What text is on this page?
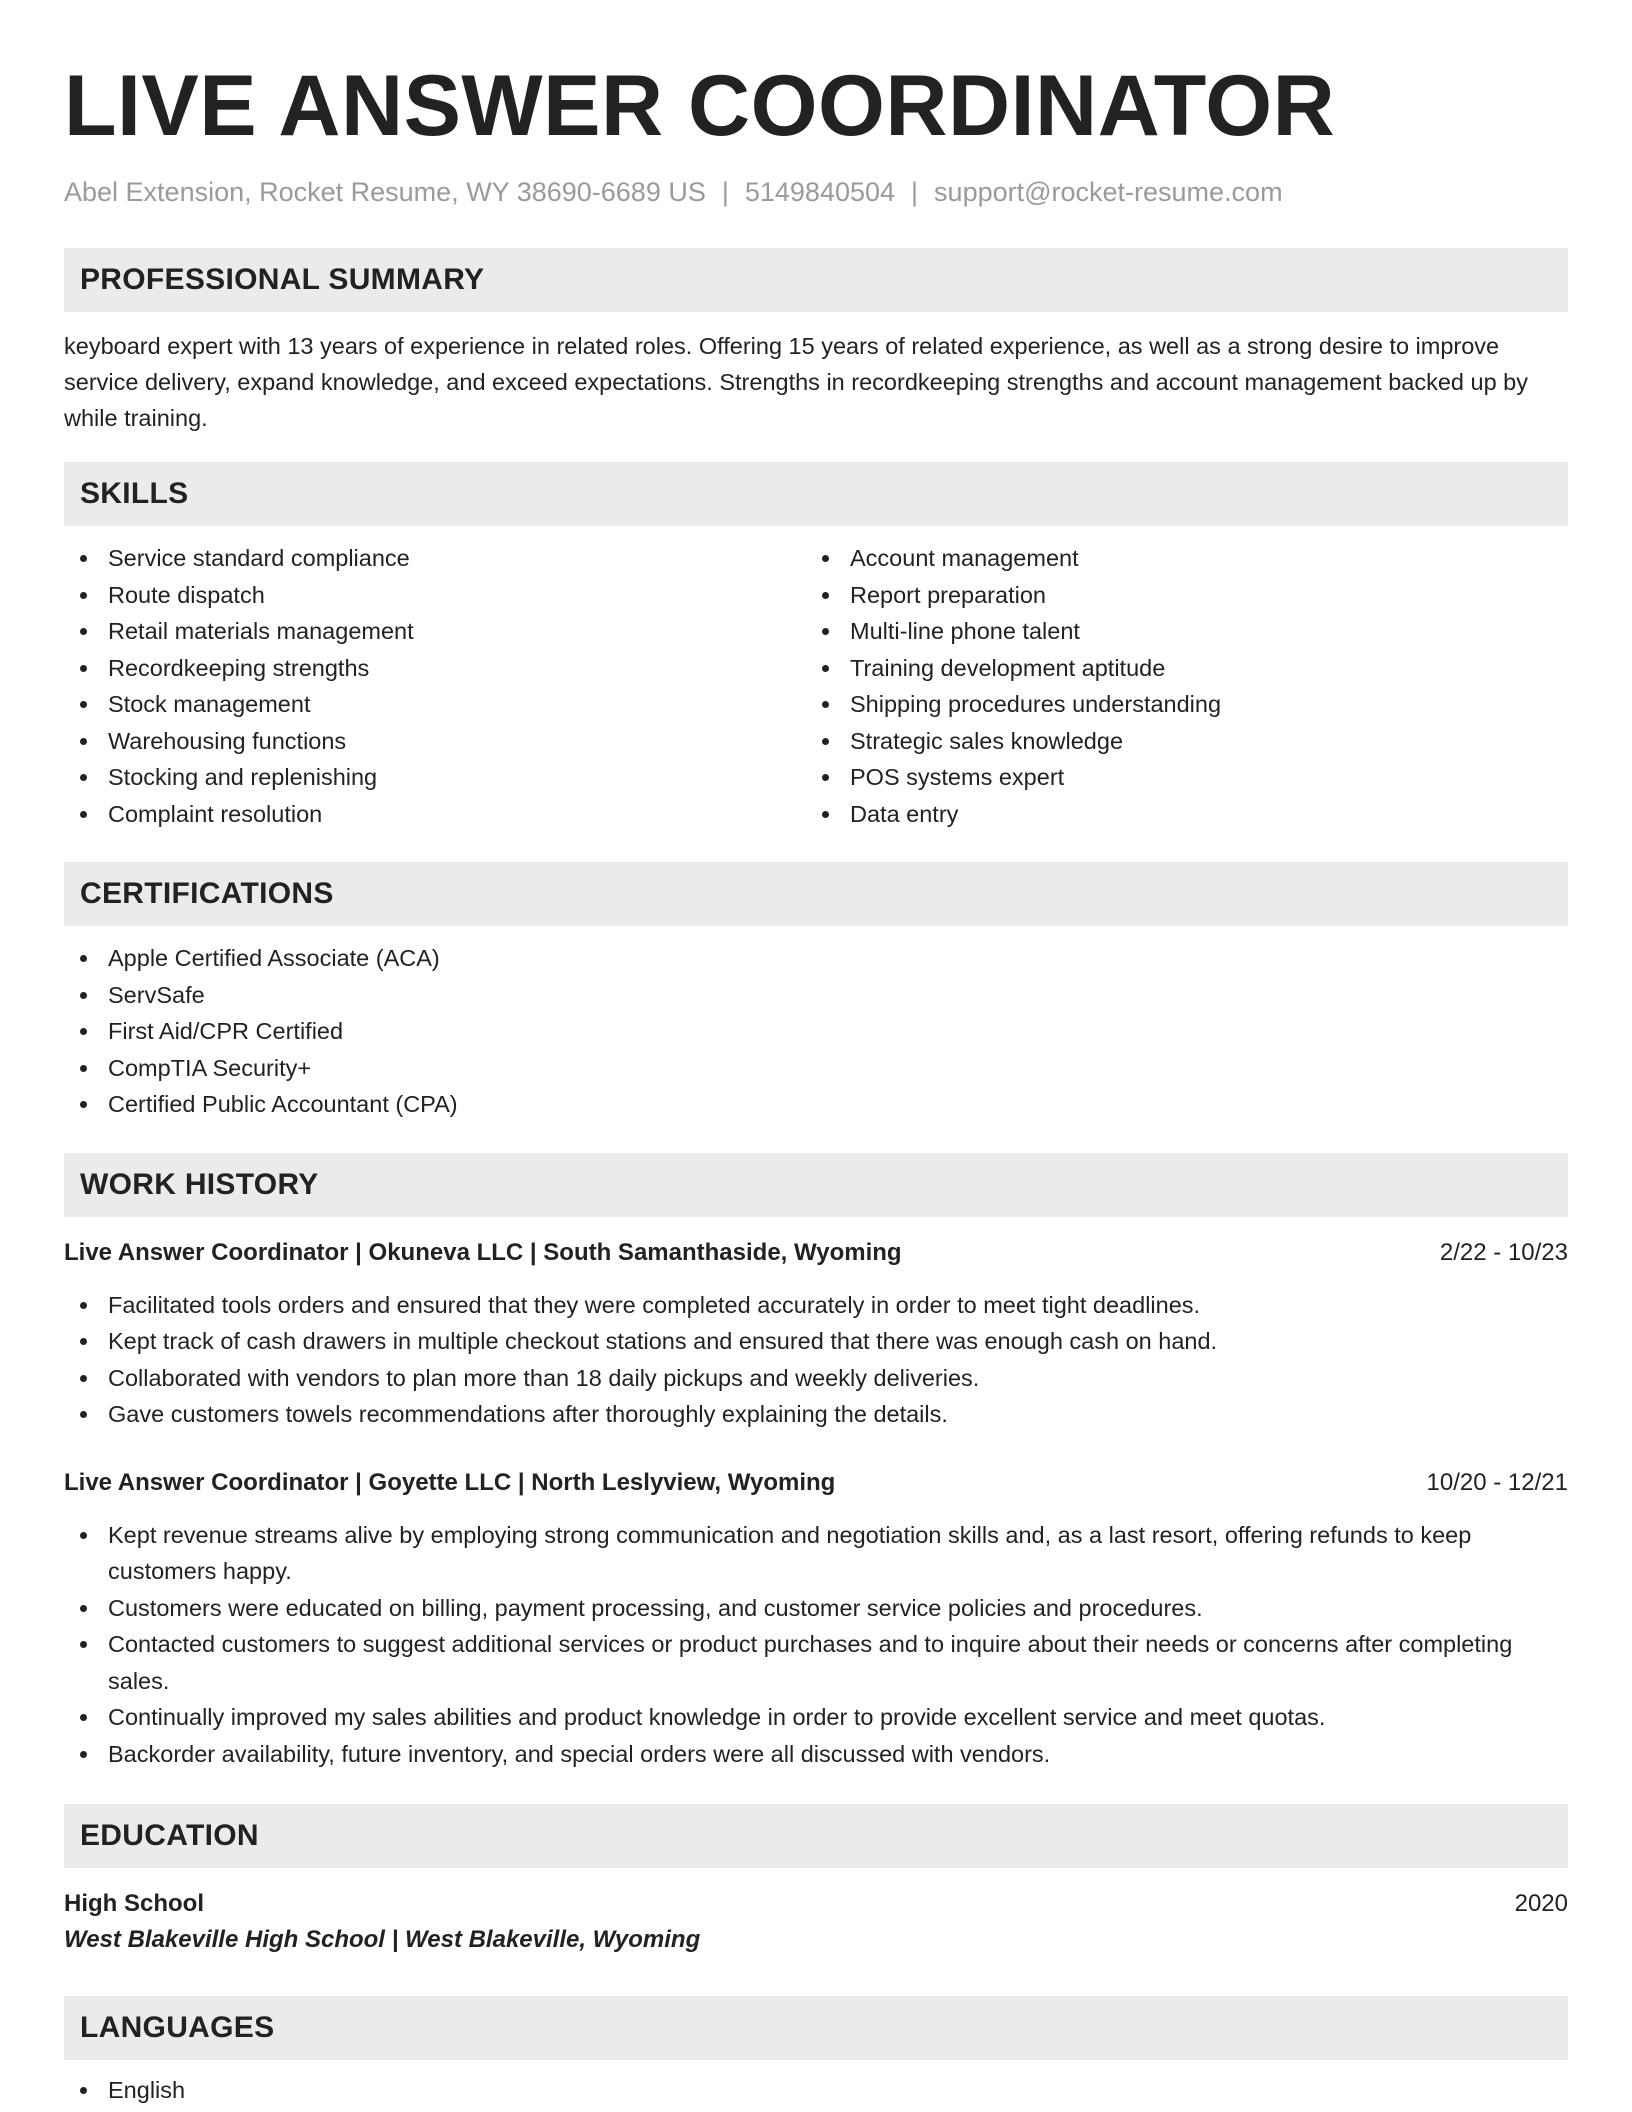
LIVE ANSWER COORDINATOR
Abel Extension, Rocket Resume, WY 38690-6689 US | 5149840504 | support@rocket-resume.com
PROFESSIONAL SUMMARY

keyboard expert with 13 years of experience in related roles. Offering 15 years of related experience, as well as a strong desire to improve service delivery, expand knowledge, and exceed expectations. Strengths in recordkeeping strengths and account management backed up by while training.

SKILLS
Service standard compliance
Route dispatch
Retail materials management
Recordkeeping strengths
Stock management
Warehousing functions
Stocking and replenishing
Complaint resolution
Account management
Report preparation
Multi-line phone talent
Training development aptitude
Shipping procedures understanding
Strategic sales knowledge
POS systems expert
Data entry
CERTIFICATIONS
Apple Certified Associate (ACA)
ServSafe
First Aid/CPR Certified
CompTIA Security+
Certified Public Accountant (CPA)
WORK HISTORY
Live Answer Coordinator | Okuneva LLC | South Samanthaside, Wyoming	2/22 - 10/23
Facilitated tools orders and ensured that they were completed accurately in order to meet tight deadlines.
Kept track of cash drawers in multiple checkout stations and ensured that there was enough cash on hand.
Collaborated with vendors to plan more than 18 daily pickups and weekly deliveries.
Gave customers towels recommendations after thoroughly explaining the details.
Live Answer Coordinator | Goyette LLC | North Leslyview, Wyoming	10/20 - 12/21
Kept revenue streams alive by employing strong communication and negotiation skills and, as a last resort, offering refunds to keep customers happy.
Customers were educated on billing, payment processing, and customer service policies and procedures.
Contacted customers to suggest additional services or product purchases and to inquire about their needs or concerns after completing sales.
Continually improved my sales abilities and product knowledge in order to provide excellent service and meet quotas.
Backorder availability, future inventory, and special orders were all discussed with vendors.
EDUCATION
High School	2020
West Blakeville High School | West Blakeville, Wyoming
LANGUAGES
English
